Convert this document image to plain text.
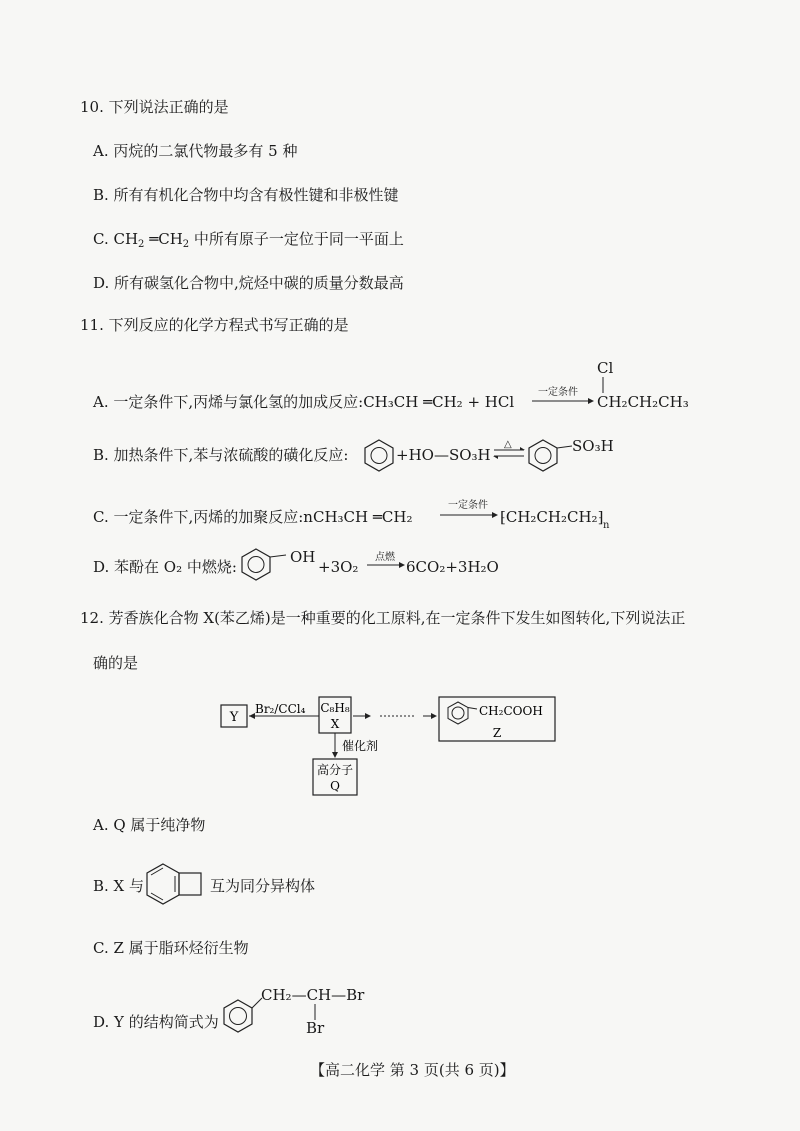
10. 下列说法正确的是
A. 丙烷的二氯代物最多有 5 种
B. 所有有机化合物中均含有极性键和非极性键
C. $CH_2$ $═CH_2$ 中所有原子一定位于同一平面上
D. 所有碳氢化合物中,烷烃中碳的质量分数最高
11. 下列反应的化学方程式书写正确的是
A. 一定条件下,丙烯与氯化氢的加成反应:CH₃CH ═CH₂ + HCl
一定条件
Cl
CH₂CH₂CH₃
B. 加热条件下,苯与浓硫酸的磺化反应:	+HO—SO₃H
△	SO₃H
C. 一定条件下,丙烯的加聚反应:nCH₃CH ═CH₂
一定条件
⁅CH₂CH₂CH₂⁆ n
D. 苯酚在 O₂ 中燃烧:
OH
+3O₂
点燃
6CO₂+3H₂O
12. 芳香族化合物 X(苯乙烯)是一种重要的化工原料,在一定条件下发生如图转化,下列说法正
确的是
Y
Br₂/CCl₄ C₈H₈
X
CH₂COOH
Z
催化剂
高分子
Q
A. Q 属于纯净物
B. X 与	互为同分异构体
C. Z 属于脂环烃衍生物
D. Y 的结构简式为
CH₂—CH—Br
Br
【高二化学 第 3 页(共 6 页)】
